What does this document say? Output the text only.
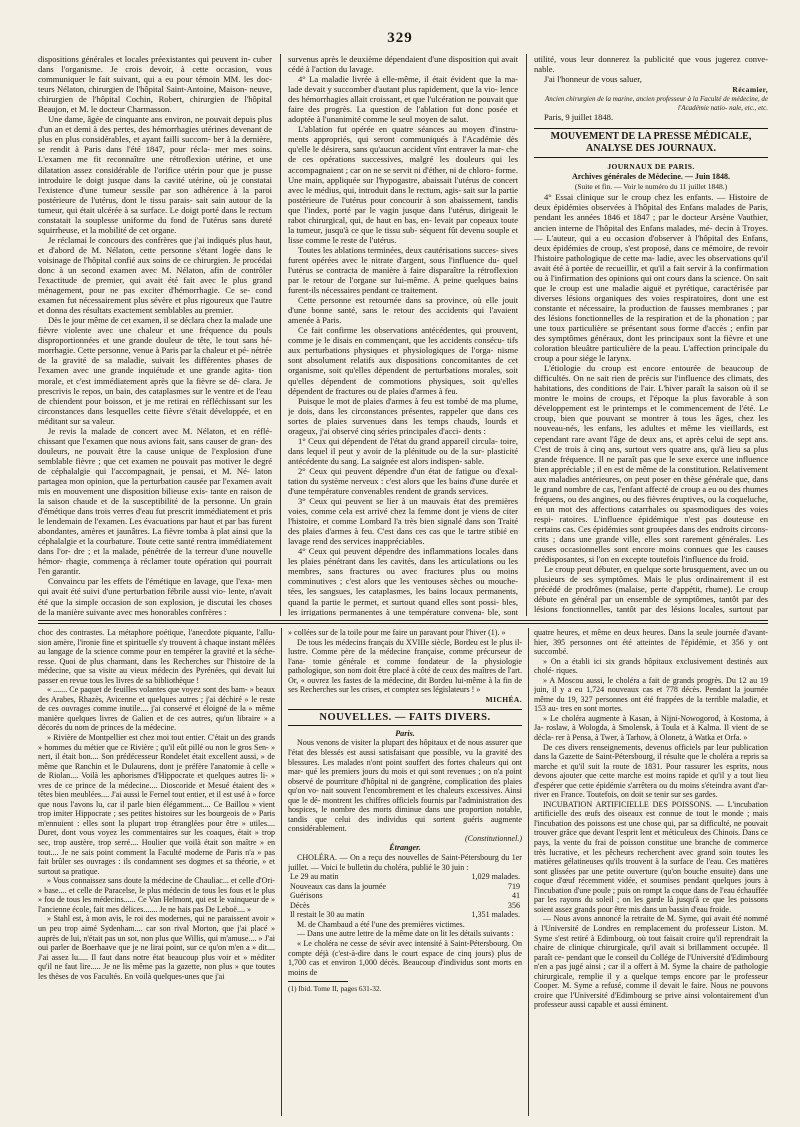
329

dispositions générales et locales préexistantes qui peuvent in- cuber dans l'organisme. Je crois devoir, à cette occasion, vous communiquer le fait suivant, qui a eu pour témoin MM. les doc- teurs Nélaton, chirurgien de l'hôpital Saint-Antoine, Maison- neuve, chirurgien de l'hôpital Cochin, Robert, chirurgien de l'hôpital Beaujon, et M. le docteur Charmasson.

Une dame, âgée de cinquante ans environ, ne pouvait depuis plus d'un an et demi à des pertes, des hémorrhagies utérines devenant de plus en plus considérables, et ayant failli succom- ber à la dernière, se rendit à Paris dans l'été 1847, pour récla- mer mes soins. L'examen me fit reconnaître une rétroflexion utérine, et une dilatation assez considérable de l'orifice utérin pour que je pusse introduire le doigt jusque dans la cavité utérine, où je constatai l'existence d'une tumeur sessile par son adhérence à la paroi postérieure de l'utérus, dont le tissu parais- sait sain autour de la tumeur, qui était ulcérée à sa surface. Le doigt porté dans le rectum constatait la souplesse uniforme du fond de l'utérus sans dureté squirrheuse, et la mobilité de cet organe.

Je réclamai le concours des confrères que j'ai indiqués plus haut, et d'abord de M. Nélaton, cette personne s'étant logée dans le voisinage de l'hôpital confié aux soins de ce chirurgien. Je procédai donc à un second examen avec M. Nélaton, afin de contrôler l'exactitude de premier, qui avait été fait avec le plus grand ménagement, pour ne pas exciter d'hémorrhagie. Ce se- cond examen fut nécessairement plus sévère et plus rigoureux que l'autre et donna des résultats exactement semblables au premier.

Dès le jour même de cet examen, il se déclara chez la malade une fièvre violente avec une chaleur et une fréquence du pouls disproportionnées et une grande douleur de tête, le tout sans hé- morrhagie. Cette personne, venue à Paris par la chaleur et pé- nétrée de la gravité de sa maladie, suivait les différentes phases de l'examen avec une grande inquiétude et une grande agita- tion morale, et c'est immédiatement après que la fièvre se dé- clara. Je prescrivis le repos, un bain, des cataplasmes sur le ventre et de l'eau de chiendent pour boisson, et je me retirai en réfléchissant sur les circonstances dans lesquelles cette fièvre s'était développée, et en méditant sur sa valeur.

Je revis la malade de concert avec M. Nélaton, et en réflé- chissant que l'examen que nous avions fait, sans causer de gran- des douleurs, ne pouvait être la cause unique de l'explosion d'une semblable fièvre ; que cet examen ne pouvait pas motiver le degré de céphalalgie qui l'accompagnait, je pensai, et M. Né- laton partagea mon opinion, que la perturbation causée par l'examen avait mis en mouvement une disposition bilieuse exis- tante en raison de la saison chaude et de la susceptibilité de la personne. Un grain d'émétique dans trois verres d'eau fut prescrit immédiatement et pris le lendemain de l'examen. Les évacuations par haut et par bas furent abondantes, amères et jaunâtres. La fièvre tomba à plat ainsi que la céphalalgie et la courbature. Toute cette santé rentra immédiatement dans l'or- dre ; et la malade, pénétrée de la terreur d'une nouvelle hémor- rhagie, commença à réclamer toute opération qui pourrait l'en garantir.

Convaincu par les effets de l'émétique en lavage, que l'exa- men qui avait été suivi d'une perturbation fébrile aussi vio- lente, n'avait été que la simple occasion de son explosion, je discutai les choses de la manière suivante avec mes honorables confrères :

survenus après le deuxième dépendaient d'une disposition qui avait cédé à l'action du lavage.

4° La maladie livrée à elle-même, il était évident que la ma- lade devait y succomber d'autant plus rapidement, que la vio- lence des hémorrhagies allait croissant, et que l'ulcération ne pouvait que faire des progrès. La question de l'ablation fut donc posée et adoptée à l'unanimité comme le seul moyen de salut.

L'ablation fut opérée en quatre séances au moyen d'instru- ments appropriés, qui seront communiqués à l'Académie dès qu'elle le désirera, sans qu'aucun accident vînt entraver la mar- che de ces opérations successives, malgré les douleurs qui les accompagnaient ; car on ne se servit ni d'éther, ni de chloro- forme. Une main, appliquée sur l'hypogastre, abaissait l'utérus de concert avec le médius, qui, introduit dans le rectum, agis- sait sur la partie postérieure de l'utérus pour concourir à son abaissement, tandis que l'index, porté par le vagin jusque dans l'utérus, dirigeait le rabot chirurgical, qui, de haut en bas, en- levait par copeaux toute la tumeur, jusqu'à ce que le tissu sub- séquent fût devenu souple et lisse comme le reste de l'utérus.

Toutes les ablations terminées, deux cautérisations succes- sives furent opérées avec le nitrate d'argent, sous l'influence du- quel l'utérus se contracta de manière à faire disparaître la rétroflexion par le retour de l'organe sur lui-même. A peine quelques bains furent-ils nécessaires pendant ce traitement.

Cette personne est retournée dans sa province, où elle jouit d'une bonne santé, sans le retour des accidents qui l'avaient amenée à Paris.

Ce fait confirme les observations antécédentes, qui prouvent, comme je le disais en commençant, que les accidents consécu- tifs aux perturbations physiques et physiologiques de l'orga- nisme sont absolument relatifs aux dispositions concomitantes de cet organisme, soit qu'elles dépendent de perturbations morales, soit qu'elles dépendent de commotions physiques, soit qu'elles dépendent de fractures ou de plaies d'armes à feu.

Puisque le mot de plaies d'armes à feu est tombé de ma plume, je dois, dans les circonstances présentes, rappeler que dans ces sortes de plaies survenues dans les temps chauds, lourds et orageux, j'ai observé cinq séries principales d'acci- dents :

1° Ceux qui dépendent de l'état du grand appareil circula- toire, dans lequel il peut y avoir de la plénitude ou de la sur- plasticité antécédente du sang. La saignée est alors indispen- sable.

2° Ceux qui peuvent dépendre d'un état de fatigue ou d'exal- tation du système nerveux : c'est alors que les bains d'une durée et d'une température convenables rendent de grands services.

3° Ceux qui peuvent se lier à un mauvais état des premières voies, comme cela est arrivé chez la femme dont je viens de citer l'histoire, et comme Lombard l'a très bien signalé dans son Traité des plaies d'armes à feu. C'est dans ces cas que le tartre stibié en lavage rend des services inappréciables.

4° Ceux qui peuvent dépendre des inflammations locales dans les plaies pénétrant dans les cavités, dans les articulations ou les membres, sans fractures ou avec fractures plus ou moins comminutives ; c'est alors que les ventouses sèches ou mouche- tées, les sangsues, les cataplasmes, les bains locaux permanents, quand la partie le permet, et surtout quand elles sont possi- bles, les irrigations permanentes à une température convena- ble, sont

utilité, vous leur donnerez la publicité que vous jugerez conve- nable.

J'ai l'honneur de vous saluer,

Récamier,
Ancien chirurgien de la marine, ancien professeur à la Faculté de médecine, de l'Académie natio- nale, etc., etc.

Paris, 9 juillet 1848.

MOUVEMENT DE LA PRESSE MÉDICALE, ANALYSE DES JOURNAUX.
JOURNAUX DE PARIS.
Archives générales de Médecine. — Juin 1848.
(Suite et fin. — Voir le numéro du 11 juillet 1848.)

4° Essai clinique sur le croup chez les enfants. — Histoire de deux épidémies observées à l'hôpital des Enfans malades de Paris, pendant les années 1846 et 1847 ; par le docteur Arsène Vauthier, ancien interne de l'hôpital des Enfans malades, mé- decin à Troyes. — L'auteur, qui a eu occasion d'observer à l'hôpital des Enfans, deux épidémies de croup, s'est proposé, dans ce mémoire, de revoir l'histoire pathologique de cette ma- ladie, avec les observations qu'il avait été à portée de recueillir, et qu'il a fait servir à la confirmation ou à l'infirmation des opinions qui ont cours dans la science. On sait que le croup est une maladie aiguë et pyrétique, caractérisée par diverses lésions organiques des voies respiratoires, dont une est constante et nécessaire, la production de fausses membranes ; par des lésions fonctionnelles de la respiration et de la phonation ; par une toux particulière se présentant sous forme d'accès ; enfin par des symptômes généraux, dont les principaux sont la fièvre et une coloration bleuâtre particulière de la peau. L'affection principale du croup a pour siége le larynx.

L'étiologie du croup est encore entourée de beaucoup de difficultés. On ne sait rien de précis sur l'influence des climats, des habitations, des conditions de l'air. L'hiver paraît la saison où il se montre le moins de croups, et l'époque la plus favorable à son développement est le printemps et le commencement de l'été. Le croup, bien que pouvant se montrer à tous les âges, chez les nouveau-nés, les enfans, les adultes et même les vieillards, est cependant rare avant l'âge de deux ans, et après celui de sept ans. C'est de trois à cinq ans, surtout vers quatre ans, qu'à lieu sa plus grande fréquence. Il ne paraît pas que le sexe exerce une influence bien appréciable ; il en est de même de la constitution. Relativement aux maladies antérieures, on peut poser en thèse générale que, dans le grand nombre de cas, l'enfant affecté de croup a eu ou des rhumes fréquens, ou des angines, ou des fièvres éruptives, ou la coqueluche, en un mot des affections catarrhales ou spasmodiques des voies respi- ratoires. L'influence épidémique n'est pas douteuse en certains cas. Ces épidémies sont groupées dans des endroits circons- crits ; dans une grande ville, elles sont rarement générales. Les causes occasionnelles sont encore moins connues que les causes prédisposantes, si l'on en excepte toutefois l'influence du froid.

Le croup peut débuter, en quelque sorte brusquement, avec un ou plusieurs de ses symptômes. Mais le plus ordinairement il est précédé de prodrômes (malaise, perte d'appétit, rhume). Le croup débute en général par un ensemble de symptômes, tantôt par des lésions fonctionnelles, tantôt par des lésions locales, surtout par

choc des contrastes. La métaphore poétique, l'anecdote piquante, l'allu- sion amère, l'ironie fine et spirituelle s'y trouvent à chaque instant mêlées au langage de la science comme pour en tempérer la gravité et la séche- resse. Quoi de plus charmant, dans les Recherches sur l'histoire de la médecine, que sa visite au vieux médecin des Pyrénées, qui devait lui passer en revue tous les livres de sa bibliothèque !

« ....... Ce paquet de feuilles volantes que voyez sont des bam- » beaux des Arabes, Rhazès, Avicenne et quelques autres ; j'ai déchiré » le reste de ces ouvrages comme inutile.... j'ai conservé et éloigné de la » même manière quelques livres de Galien et de ces autres, qu'un libraire » a décorés du nom de princes de la médecine.

» Rivière de Montpellier est chez moi tout entier. C'était un des grands » hommes du métier que ce Rivière ; qu'il eût pillé ou non le gros Sen- » nert, il était bon.... Son prédécesseur Rondelet était excellent aussi, » de même que Ranchin et le Dulaurens, dont je préfère l'anatomie à celle » de Riolan.... Voilà les aphorismes d'Hippocrate et quelques autres li- » vres de ce prince de la médecine.... Dioscoride et Mesué étaient des » têtes bien meublées.... J'ai aussi le Fernel tout entier, et il est usé à » force que nous l'avons lu, car il parle bien élégamment.... Ce Baillou » vient trop imiter Hippocrate ; ses petites histoires sur les bourgeois de » Paris m'ennuient : elles sont la plupart trop étranglées pour être » utiles.... Duret, dont vous voyez les commentaires sur les coaques, était » trop sec, trop austère, trop serré.... Houlier que voilà était son maître » en tout.... Je ne sais point comment la Faculté moderne de Paris n'a » pas fait brûler ses ouvrages : ils condamnent ses dogmes et sa théorie, » et surtout sa pratique.

» Vous connaissez sans doute la médecine de Chauliac... et celle d'Ori- » base.... et celle de Paracelse, le plus médecin de tous les fous et le plus » fou de tous les médecins...... Ce Van Helmont, qui est le vainqueur de » l'ancienne école, fait mes délices....... Je ne hais pas De Leboë.... »

» Stahl est, à mon avis, le roi des modernes, qui ne paraissent avoir » un peu trop aimé Sydenham.... car son rival Morton, que j'ai placé » auprès de lui, n'était pas un sot, non plus que Willis, qui m'amuse.... » J'ai oui parler de Boerhaave que je ne lirai point, sur ce qu'on m'en a » dit.... J'ai assez lu..... Il faut dans notre état beaucoup plus voir et » méditer qu'il ne faut lire..... Je ne lis même pas la gazette, non plus » que toutes les thèses de vos Facultés. En voilà quelques-unes que j'ai

» collées sur de la toile pour me faire un paravant pour l'hiver (1). »

De tous les médecins français du XVIIIe siècle, Bordeu est le plus il- lustre. Comme père de la médecine française, comme précurseur de l'ana- tomie générale et comme fondateur de la physiologie pathologique, son nom doit être placé à côté de ceux des maîtres de l'art. Or, « ouvrez les fastes de la médecine, dit Bordeu lui-même à la fin de ses Recherches sur les crises, et comptez ses législateurs ! »

MICHÉA.
NOUVELLES. — FAITS DIVERS.
Paris.

Nous venons de visiter la plupart des hôpitaux et de nous assurer que l'état des blessés est aussi satisfaisant que possible, vu la gravité des blessures. Les malades n'ont point souffert des fortes chaleurs qui ont mar- qué les premiers jours du mois et qui sont revenues ; on n'a point observé de pourriture d'hôpital ni de gangrène, complication des plaies qu'on vo- nait souvent l'encombrement et les chaleurs excessives. Ainsi que le dé- montrent les chiffres officiels fournis par l'administration des hospices, le nombre des morts diminue dans une proportion notable, tandis que celui des individus qui sortent guéris augmente considérablement.

(Constitutionnel.)
Étranger.

CHOLÉRA. — On a reçu des nouvelles de Saint-Pétersbourg du 1er juillet. — Voici le bulletin du choléra, publié le 30 juin :

Le 29 au matin	1,029 malades.
Nouveaux cas dans la journée	719
Guérisons	41
Décès	356
Il restait le 30 au matin	1,351 malades.

M. de Chambaud a été l'une des premières victimes.

— Dans une autre lettre de la même date on lit les détails suivants :

« Le choléra ne cesse de sévir avec intensité à Saint-Pétersbourg. On compte déjà (c'est-à-dire dans le court espace de cinq jours) plus de 1,700 cas et environ 1,000 décès. Beaucoup d'individus sont morts en moins de

(1) Ibid. Tome II, pages 631-32.

quatre heures, et même en deux heures. Dans la seule journée d'avant- hier, 395 personnes ont été atteintes de l'épidémie, et 356 y ont succombé.

» On a établi ici six grands hôpitaux exclusivement destinés aux cholé- riques.

» A Moscou aussi, le choléra a fait de grands progrès. Du 12 au 19 juin, il y a eu 1,724 nouveaux cas et 778 décès. Pendant la journée même du 19, 327 personnes ont été frappées de la terrible maladie, et 153 au- tres en sont mortes.

» Le choléra augmente à Kasan, à Nijni-Nowogorod, à Kostoma, à Ja- roslaw, à Wologda, à Smolensk, à Toula et à Kalma. Il vient de se décla- rer à Pensa, à Twer, à Tarhow, à Olonetz, à Watka et Orfa. »

De ces divers renseignements, devenus officiels par leur publication dans la Gazette de Saint-Pétersbourg, il résulte que le choléra a repris sa marche et qu'il suit la route de 1831. Pour rassurer les esprits, nous devons ajouter que cette marche est moins rapide et qu'il y a tout lieu d'espérer que cette épidémie s'arrêtera ou du moins s'éteindra avant d'ar- river en France. Toutefois, on doit se tenir sur ses gardes.

INCUBATION ARTIFICIELLE DES POISSONS. — L'incubation artificielle des œufs des oiseaux est connue de tout le monde ; mais l'incubation des poissons est une chose qui, par sa difficulté, ne pouvait trouver grâce que devant l'esprit lent et méticuleux des Chinois. Dans ce pays, la vente du frai de poisson constitue une branche de commerce très lucrative, et les pêcheurs recherchent avec grand soin toutes les matières gélatineuses qu'ils trouvent à la surface de l'eau. Ces matières sont glissées par une petite ouverture (qu'on bouche ensuite) dans une coque d'œuf récemment vidée, et soumises pendant quelques jours à l'incubation d'une poule ; puis on rompt la coque dans de l'eau échauffée par les rayons du soleil ; on les garde là jusqu'à ce que les poissons soient assez grands pour être mis dans un bassin d'eau froide.

— Nous avons annoncé la retraite de M. Syme, qui avait été nommé à l'Université de Londres en remplacement du professeur Liston. M. Syme s'est retiré à Edimbourg, où tout faisait croire qu'il reprendrait la chaire de clinique chirurgicale, qu'il avait si brillamment occupée. Il paraît ce- pendant que le conseil du Collége de l'Université d'Edimbourg n'en a pas jugé ainsi ; car il a offert à M. Syme la chaire de pathologie chirurgicale, remplie il y a quelque temps encore par le professeur Cooper. M. Syme a refusé, comme il devait le faire. Nous ne pouvons croire que l'Université d'Edimbourg se prive ainsi volontairement d'un professeur aussi capable et aussi éminent.
